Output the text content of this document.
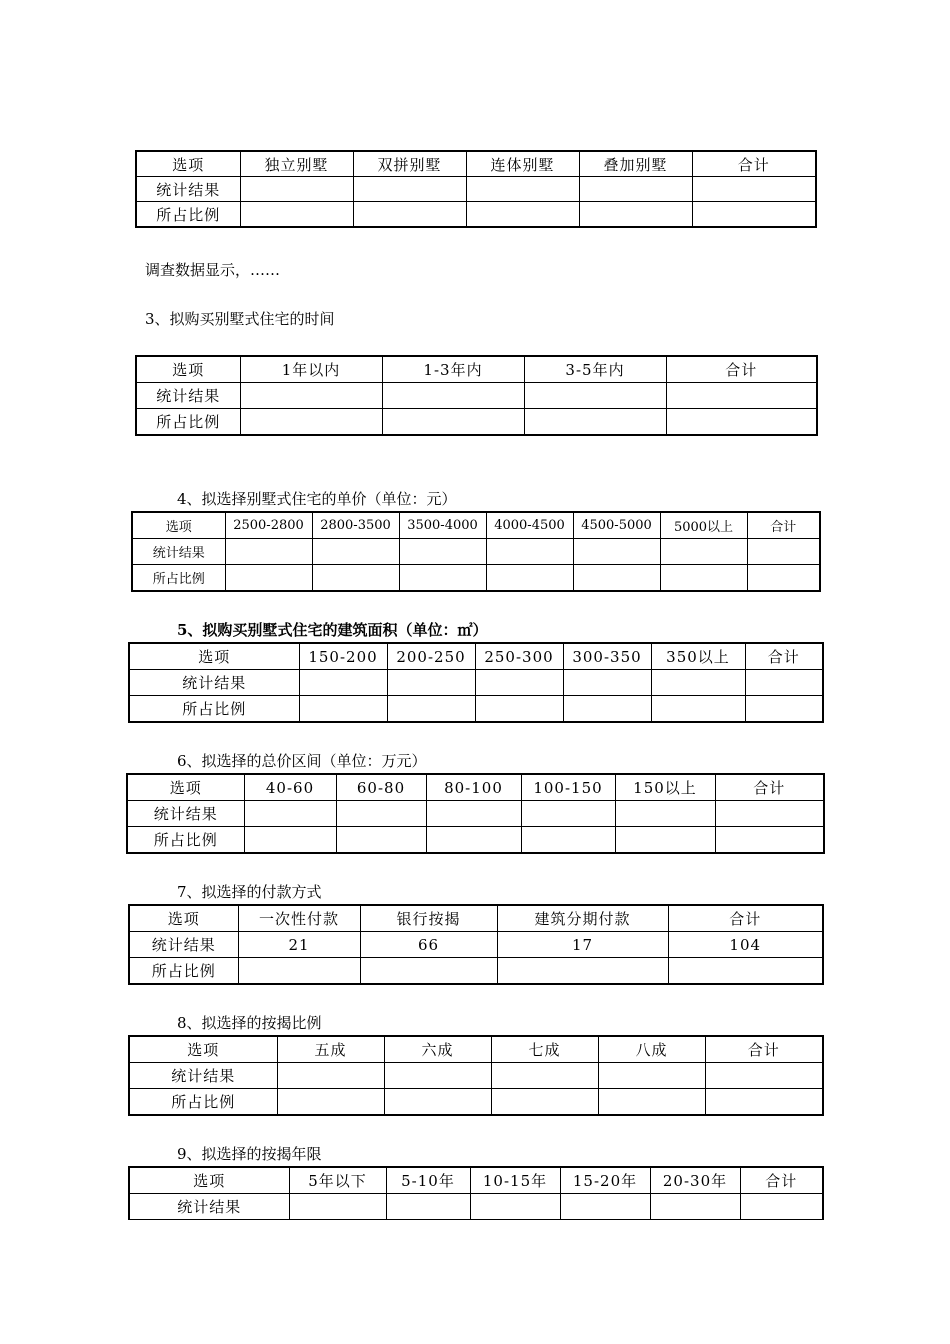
选项	独立别墅	双拼别墅	连体别墅	叠加别墅	合计
统计结果					
所占比例					
调查数据显示，……
3、拟购买别墅式住宅的时间
选项	1年以内	1-3年内	3-5年内	合计
统计结果				
所占比例				
4、拟选择别墅式住宅的单价（单位：元）
选项	2500-2800	2800-3500	3500-4000	4000-4500	4500-5000	5000以上	合计
统计结果							
所占比例							
5、拟购买别墅式住宅的建筑面积（单位：㎡）
选项	150-200	200-250	250-300	300-350	350以上	合计
统计结果						
所占比例						
6、拟选择的总价区间（单位：万元）
选项	40-60	60-80	80-100	100-150	150以上	合计
统计结果						
所占比例						
7、拟选择的付款方式
选项	一次性付款	银行按揭	建筑分期付款	合计
统计结果	21	66	17	104
所占比例				
8、拟选择的按揭比例
选项	五成	六成	七成	八成	合计
统计结果					
所占比例					
9、拟选择的按揭年限
选项	5年以下	5-10年	10-15年	15-20年	20-30年	合计
统计结果						
